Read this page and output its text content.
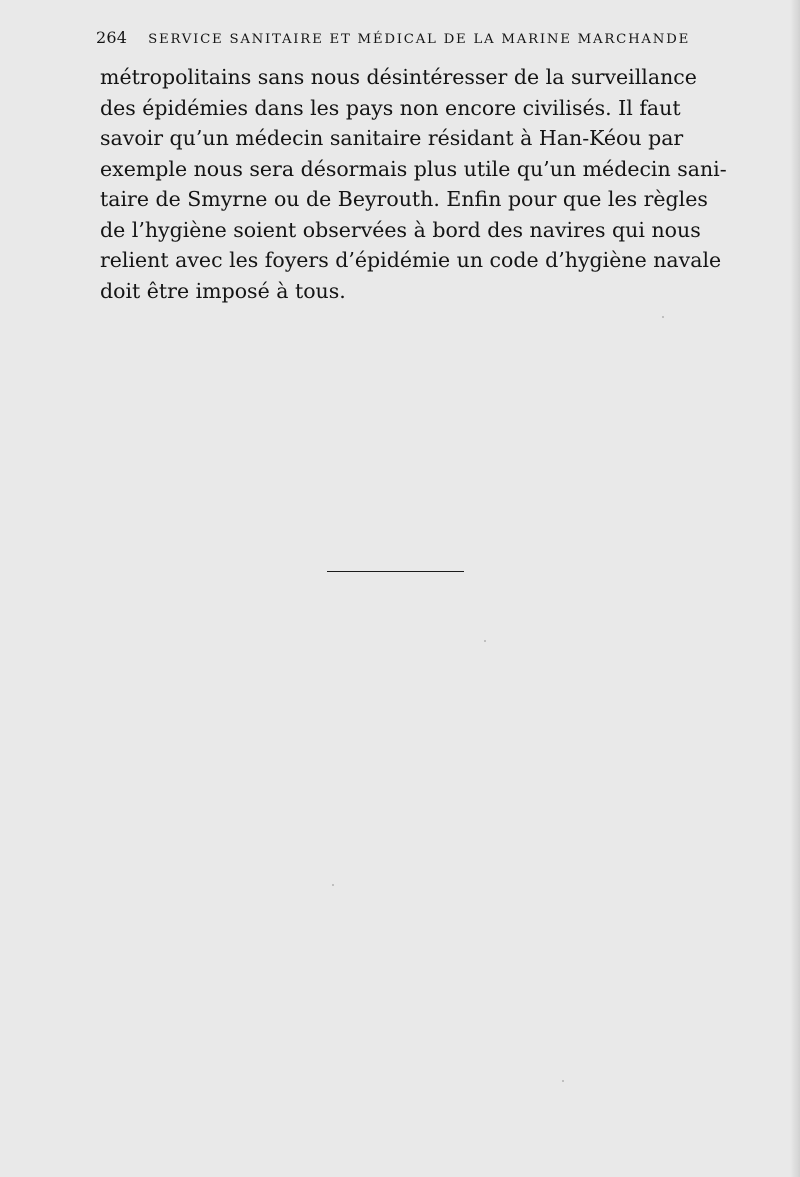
264 SERVICE SANITAIRE ET MÉDICAL DE LA MARINE MARCHANDE

métropolitains sans nous désintéresser de la surveillance
des épidémies dans les pays non encore civilisés. Il faut
savoir qu’un médecin sanitaire résidant à Han-Kéou par
exemple nous sera désormais plus utile qu’un médecin sani-
taire de Smyrne ou de Beyrouth. Enfin pour que les règles
de l’hygiène soient observées à bord des navires qui nous
relient avec les foyers d’épidémie un code d’hygiène navale
doit être imposé à tous.
